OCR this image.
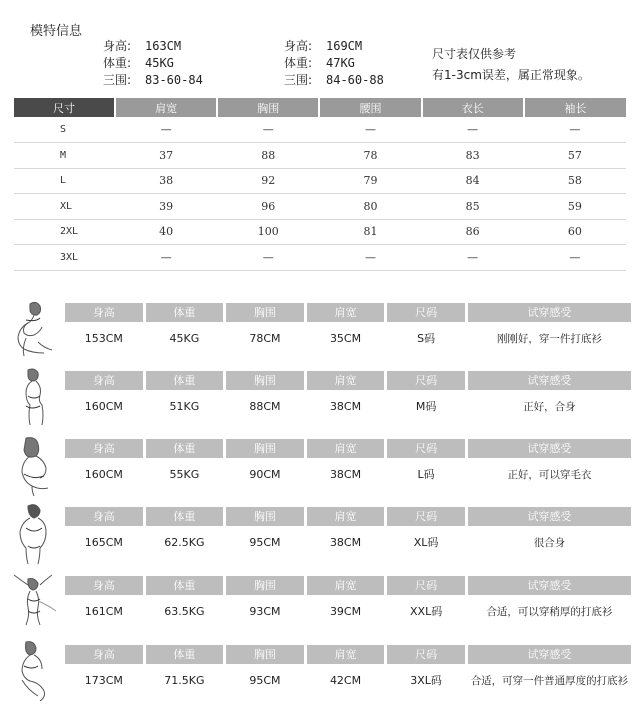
模特信息
身高:	163CM
体重:	45KG
三围:	83-60-84
身高:	169CM
体重:	47KG
三围:	84-60-88
尺寸表仅供参考
有1-3cm误差，属正常现象。
尺寸	肩宽	胸围	腰围	衣长	袖长
S	—	—	—	—	—
M	37	88	78	83	57
L	38	92	79	84	58
XL	39	96	80	85	59
2XL	40	100	81	86	60
3XL	—	—	—	—	—
身高	体重	胸围	肩宽	尺码	试穿感受
153CM	45KG	78CM	35CM	S码	刚刚好，穿一件打底衫
身高	体重	胸围	肩宽	尺码	试穿感受
160CM	51KG	88CM	38CM	M码	正好，合身
身高	体重	胸围	肩宽	尺码	试穿感受
160CM	55KG	90CM	38CM	L码	正好，可以穿毛衣
身高	体重	胸围	肩宽	尺码	试穿感受
165CM	62.5KG	95CM	38CM	XL码	很合身
身高	体重	胸围	肩宽	尺码	试穿感受
161CM	63.5KG	93CM	39CM	XXL码	合适，可以穿稍厚的打底衫
身高	体重	胸围	肩宽	尺码	试穿感受
173CM	71.5KG	95CM	42CM	3XL码	合适，可穿一件普通厚度的打底衫
